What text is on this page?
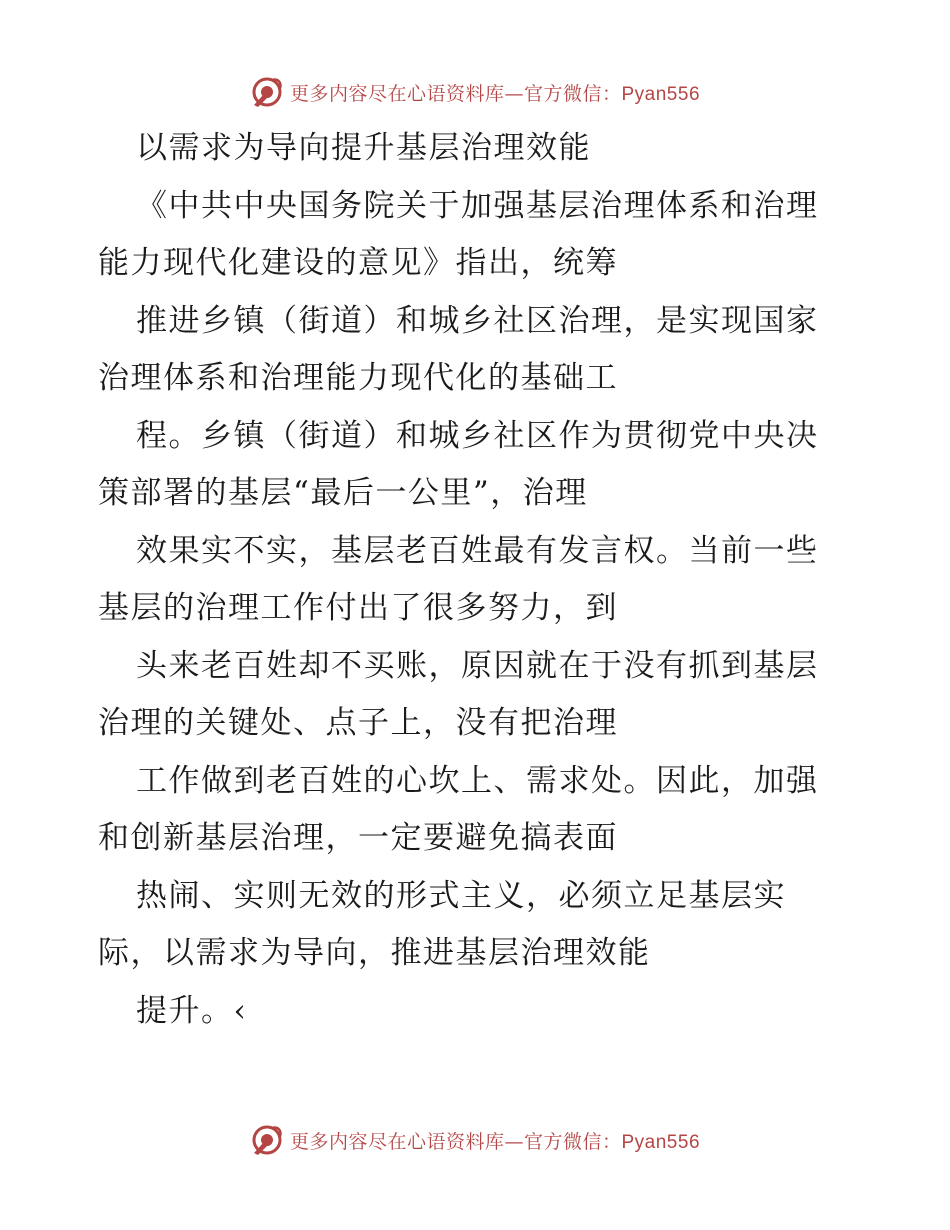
更多内容尽在心语资料库—官方微信：Pyan556
以需求为导向提升基层治理效能
《中共中央国务院关于加强基层治理体系和治理
能力现代化建设的意见》指出，统筹
推进乡镇（街道）和城乡社区治理，是实现国家
治理体系和治理能力现代化的基础工
程。乡镇（街道）和城乡社区作为贯彻党中央决
策部署的基层“最后一公里”，治理
效果实不实，基层老百姓最有发言权。当前一些
基层的治理工作付出了很多努力，到
头来老百姓却不买账，原因就在于没有抓到基层
治理的关键处、点子上，没有把治理
工作做到老百姓的心坎上、需求处。因此，加强
和创新基层治理，一定要避免搞表面
热闹、实则无效的形式主义，必须立足基层实
际，以需求为导向，推进基层治理效能
提升。‹
更多内容尽在心语资料库—官方微信：Pyan556
